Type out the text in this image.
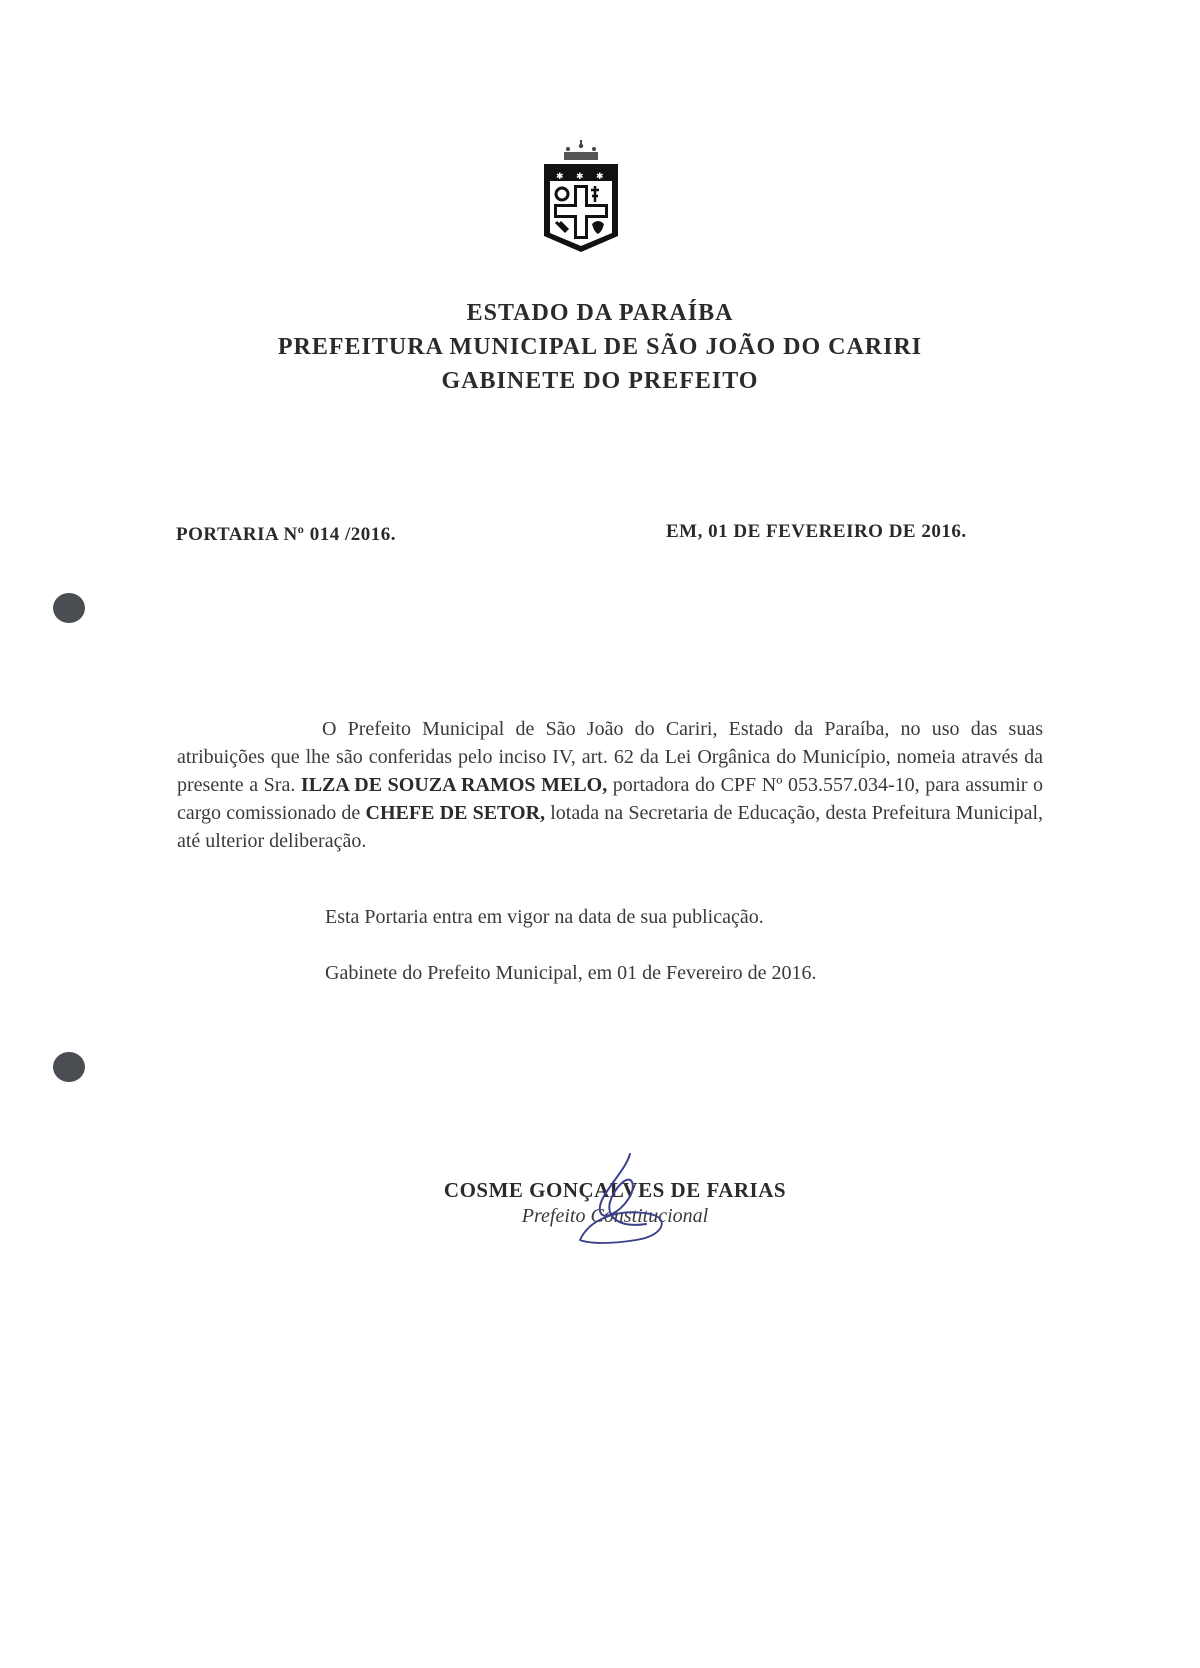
✱ ✱ ✱
ESTADO DA PARAÍBA
PREFEITURA MUNICIPAL DE SÃO JOÃO DO CARIRI
GABINETE DO PREFEITO
PORTARIA Nº 014 /2016.	EM, 01 DE FEVEREIRO DE 2016.

O Prefeito Municipal de São João do Cariri, Estado da Paraíba, no uso das suas atribuições que lhe são conferidas pelo inciso IV, art. 62 da Lei Orgânica do Município, nomeia através da presente a Sra. ILZA DE SOUZA RAMOS MELO, portadora do CPF Nº 053.557.034-10, para assumir o cargo comissionado de CHEFE DE SETOR, lotada na Secretaria de Educação, desta Prefeitura Municipal, até ulterior deliberação.

Esta Portaria entra em vigor na data de sua publicação.
Gabinete do Prefeito Municipal, em 01 de Fevereiro de 2016.
COSME GONÇALVES DE FARIAS
Prefeito Constitucional
